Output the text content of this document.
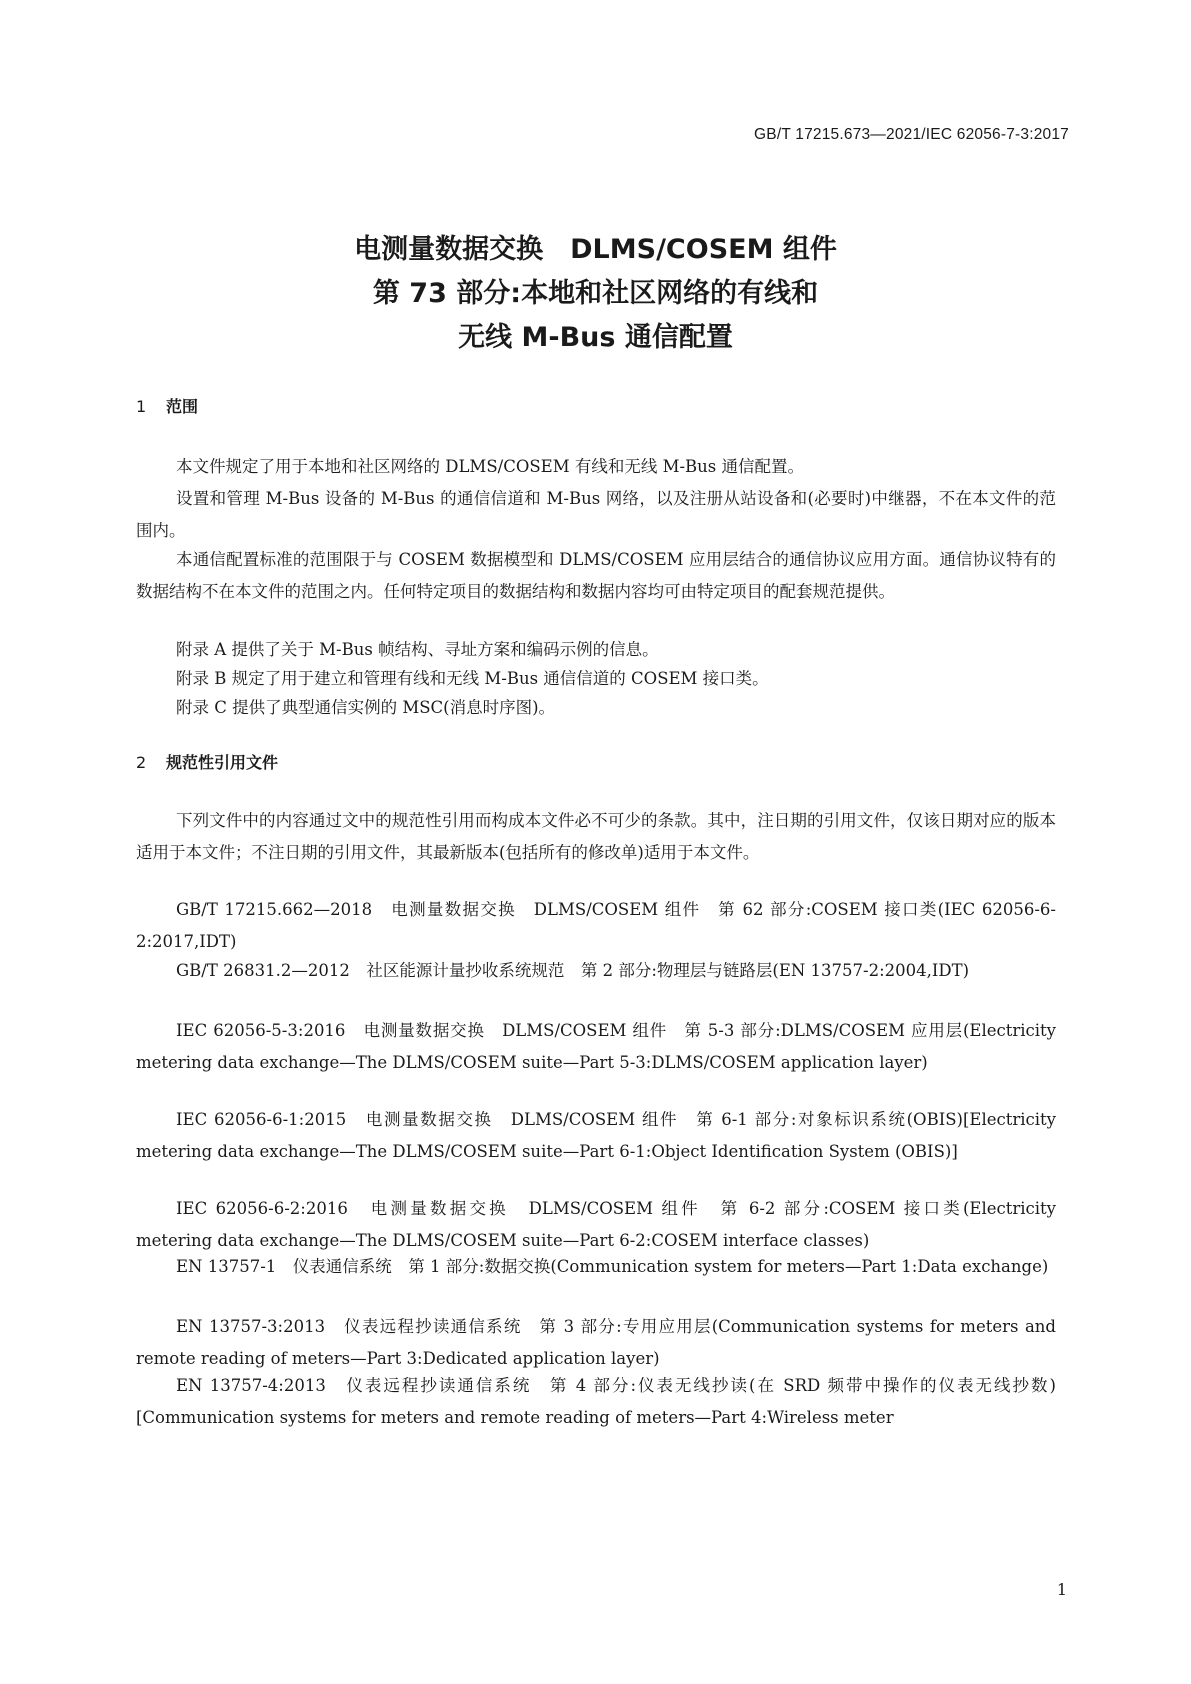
GB/T 17215.673—2021/IEC 62056-7-3:2017
电测量数据交换　DLMS/COSEM 组件
第 73 部分:本地和社区网络的有线和
无线 M-Bus 通信配置
1 范围
本文件规定了用于本地和社区网络的 DLMS/COSEM 有线和无线 M-Bus 通信配置。
设置和管理 M-Bus 设备的 M-Bus 的通信信道和 M-Bus 网络，以及注册从站设备和(必要时)中继器，不在本文件的范围内。
本通信配置标准的范围限于与 COSEM 数据模型和 DLMS/COSEM 应用层结合的通信协议应用方面。通信协议特有的数据结构不在本文件的范围之内。任何特定项目的数据结构和数据内容均可由特定项目的配套规范提供。
附录 A 提供了关于 M-Bus 帧结构、寻址方案和编码示例的信息。
附录 B 规定了用于建立和管理有线和无线 M-Bus 通信信道的 COSEM 接口类。
附录 C 提供了典型通信实例的 MSC(消息时序图)。
2 规范性引用文件
下列文件中的内容通过文中的规范性引用而构成本文件必不可少的条款。其中，注日期的引用文件，仅该日期对应的版本适用于本文件；不注日期的引用文件，其最新版本(包括所有的修改单)适用于本文件。
GB/T 17215.662—2018　电测量数据交换　DLMS/COSEM 组件　第 62 部分:COSEM 接口类(IEC 62056-6-2:2017,IDT)
GB/T 26831.2—2012　社区能源计量抄收系统规范　第 2 部分:物理层与链路层(EN 13757-2:2004,IDT)
IEC 62056-5-3:2016　电测量数据交换　DLMS/COSEM 组件　第 5-3 部分:DLMS/COSEM 应用层(Electricity metering data exchange—The DLMS/COSEM suite—Part 5-3:DLMS/COSEM application layer)
IEC 62056-6-1:2015　电测量数据交换　DLMS/COSEM 组件　第 6-1 部分:对象标识系统(OBIS)[Electricity metering data exchange—The DLMS/COSEM suite—Part 6-1:Object Identification System (OBIS)]
IEC 62056-6-2:2016　电测量数据交换　DLMS/COSEM 组件　第 6-2 部分:COSEM 接口类(Electricity metering data exchange—The DLMS/COSEM suite—Part 6-2:COSEM interface classes)
EN 13757-1　仪表通信系统　第 1 部分:数据交换(Communication system for meters—Part 1:Data exchange)
EN 13757-3:2013　仪表远程抄读通信系统　第 3 部分:专用应用层(Communication systems for meters and remote reading of meters—Part 3:Dedicated application layer)
EN 13757-4:2013　仪表远程抄读通信系统　第 4 部分:仪表无线抄读(在 SRD 频带中操作的仪表无线抄数)[Communication systems for meters and remote reading of meters—Part 4:Wireless meter
1
